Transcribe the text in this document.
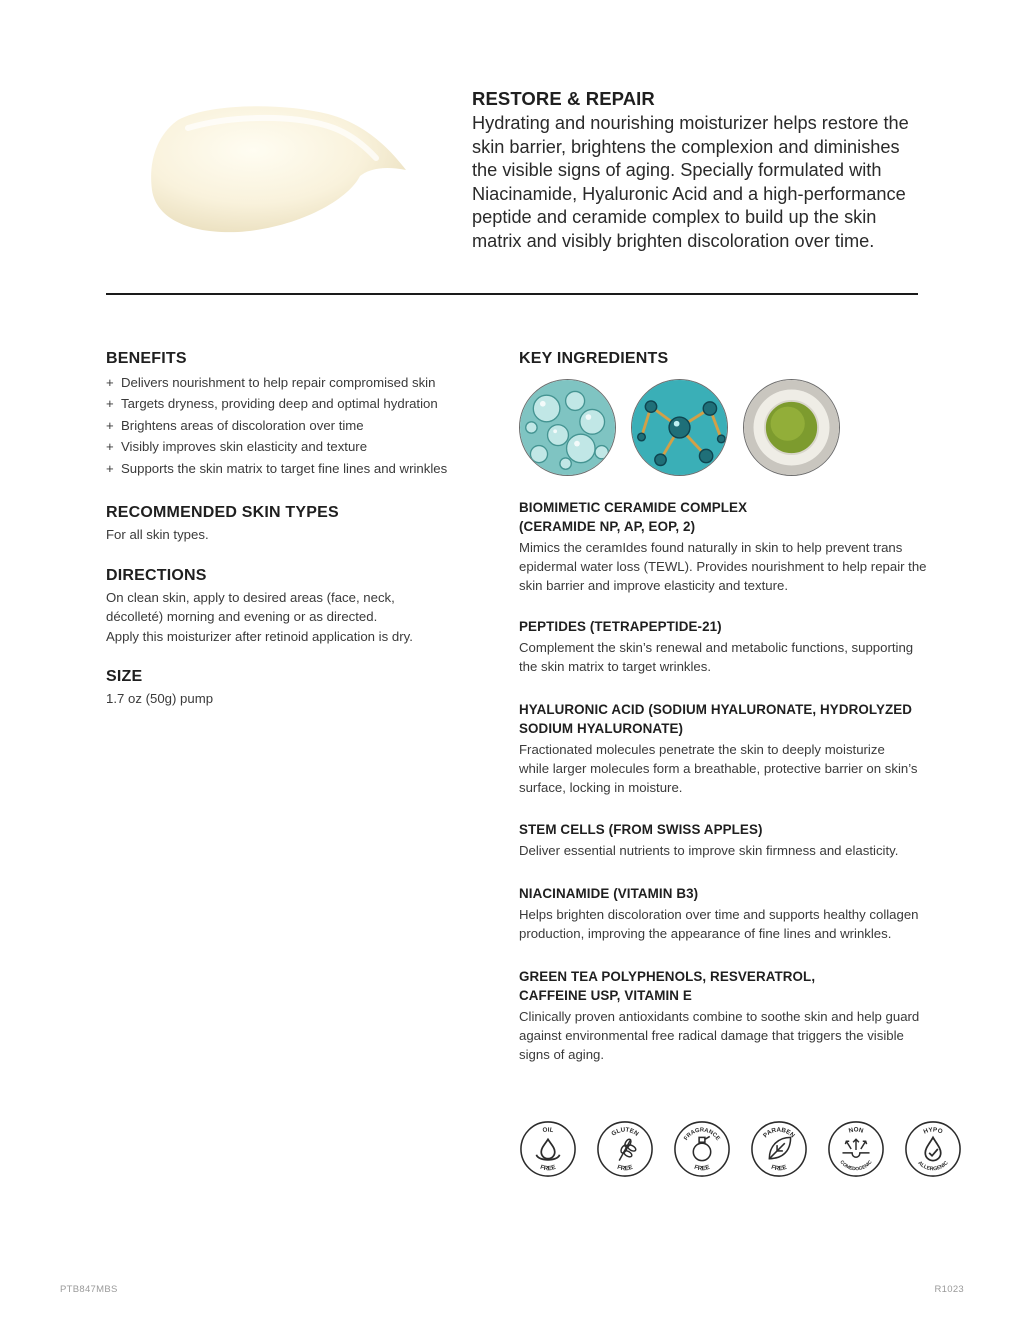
RESTORE & REPAIR

Hydrating and nourishing moisturizer helps restore the skin barrier, brightens the complexion and diminishes the visible signs of aging. Specially formulated with Niacinamide, Hyaluronic Acid and a high-performance peptide and ceramide complex to build up the skin matrix and visibly brighten discoloration over time.

BENEFITS
+ Delivers nourishment to help repair compromised skin
+ Targets dryness, providing deep and optimal hydration
+ Brightens areas of discoloration over time
+ Visibly improves skin elasticity and texture
+ Supports the skin matrix to target fine lines and wrinkles
RECOMMENDED SKIN TYPES

For all skin types.

DIRECTIONS

On clean skin, apply to desired areas (face, neck,
décolleté) morning and evening or as directed.
Apply this moisturizer after retinoid application is dry.

SIZE

1.7 oz (50g) pump

KEY INGREDIENTS
BIOMIMETIC CERAMIDE COMPLEX
(CERAMIDE NP, AP, EOP, 2)

Mimics the ceramIdes found naturally in skin to help prevent trans
epidermal water loss (TEWL). Provides nourishment to help repair the
skin barrier and improve elasticity and texture.

PEPTIDES (TETRAPEPTIDE-21)

Complement the skin’s renewal and metabolic functions, supporting
the skin matrix to target wrinkles.

HYALURONIC ACID (SODIUM HYALURONATE, HYDROLYZED
SODIUM HYALURONATE)

Fractionated molecules penetrate the skin to deeply moisturize
while larger molecules form a breathable, protective barrier on skin’s
surface, locking in moisture.

STEM CELLS (FROM SWISS APPLES)

Deliver essential nutrients to improve skin firmness and elasticity.

NIACINAMIDE (VITAMIN B3)

Helps brighten discoloration over time and supports healthy collagen
production, improving the appearance of fine lines and wrinkles.

GREEN TEA POLYPHENOLS, RESVERATROL,
CAFFEINE USP, VITAMIN E

Clinically proven antioxidants combine to soothe skin and help guard
against environmental free radical damage that triggers the visible
signs of aging.

OIL
FREE
GLUTEN
FREE
FRAGRANCE
FREE
PARABEN
FREE
NON
COMEDOGENIC
HYPO
ALLERGENIC
PTB847MBS	R1023
